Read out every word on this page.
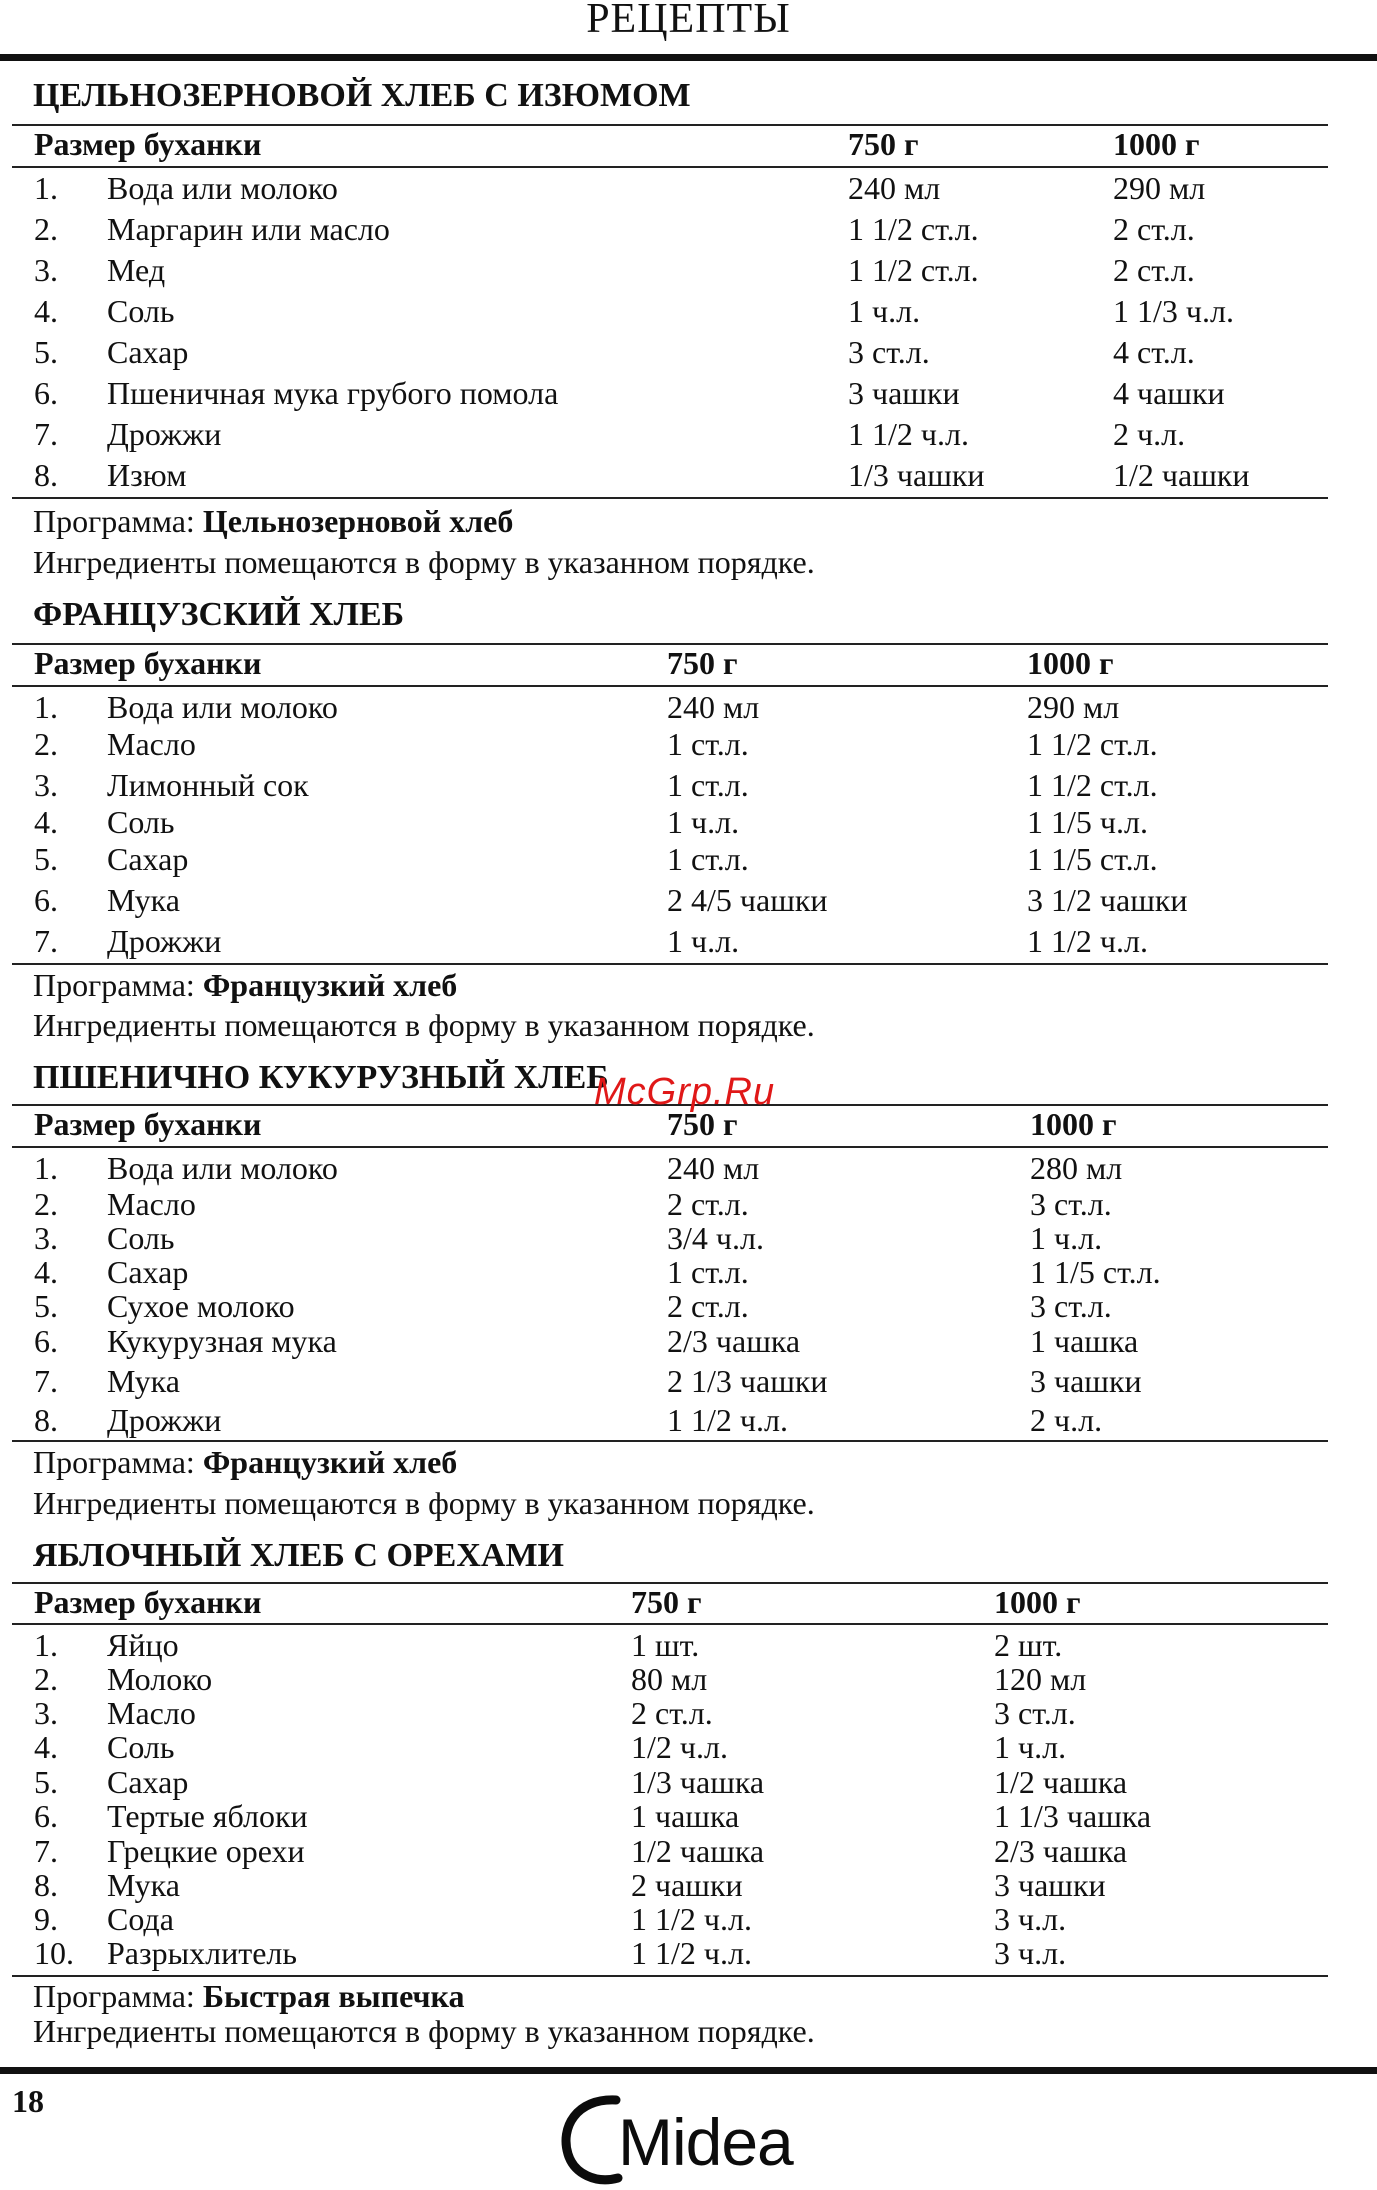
РЕЦЕПТЫ
ЦЕЛЬНОЗЕРНОВОЙ ХЛЕБ С ИЗЮМОМ
Размер буханки	750 г	1000 г
1. Вода или молоко	240 мл	290 мл
2. Маргарин или масло	1 1/2 ст.л.	2 ст.л.
3. Мед	1 1/2 ст.л.	2 ст.л.
4. Соль	1 ч.л.	1 1/3 ч.л.
5. Сахар	3 ст.л.	4 ст.л.
6. Пшеничная мука грубого помола	3 чашки	4 чашки
7. Дрожжи	1 1/2 ч.л.	2 ч.л.
8. Изюм	1/3 чашки	1/2 чашки
Программа: Цельнозерновой хлеб
Ингредиенты помещаются в форму в указанном порядке.
ФРАНЦУЗСКИЙ ХЛЕБ
Размер буханки	750 г	1000 г
1. Вода или молоко	240 мл	290 мл
2. Масло	1 ст.л.	1 1/2 ст.л.
3. Лимонный сок	1 ст.л.	1 1/2 ст.л.
4. Соль	1 ч.л.	1 1/5 ч.л.
5. Сахар	1 ст.л.	1 1/5 ст.л.
6. Мука	2 4/5 чашки	3 1/2 чашки
7. Дрожжи	1 ч.л.	1 1/2 ч.л.
Программа: Французкий хлеб
Ингредиенты помещаются в форму в указанном порядке.
ПШЕНИЧНО КУКУРУЗНЫЙ ХЛЕБ
Размер буханки	750 г	1000 г
1. Вода или молоко	240 мл	280 мл
2. Масло	2 ст.л.	3 ст.л.
3. Соль	3/4 ч.л.	1 ч.л.
4. Сахар	1 ст.л.	1 1/5 ст.л.
5. Сухое молоко	2 ст.л.	3 ст.л.
6. Кукурузная мука	2/3 чашка	1 чашка
7. Мука	2 1/3 чашки	3 чашки
8. Дрожжи	1 1/2 ч.л.	2 ч.л.
Программа: Французкий хлеб
Ингредиенты помещаются в форму в указанном порядке.
ЯБЛОЧНЫЙ ХЛЕБ С ОРЕХАМИ
Размер буханки	750 г	1000 г
1. Яйцо	1 шт.	2 шт.
2. Молоко	80 мл	120 мл
3. Масло	2 ст.л.	3 ст.л.
4. Соль	1/2 ч.л.	1 ч.л.
5. Сахар	1/3 чашка	1/2 чашка
6. Тертые яблоки	1 чашка	1 1/3 чашка
7. Грецкие орехи	1/2 чашка	2/3 чашка
8. Мука	2 чашки	3 чашки
9. Сода	1 1/2 ч.л.	3 ч.л.
10. Разрыхлитель	1 1/2 ч.л.	3 ч.л.
Программа: Быстрая выпечка
Ингредиенты помещаются в форму в указанном порядке.
McGrp.Ru
18
Midea
